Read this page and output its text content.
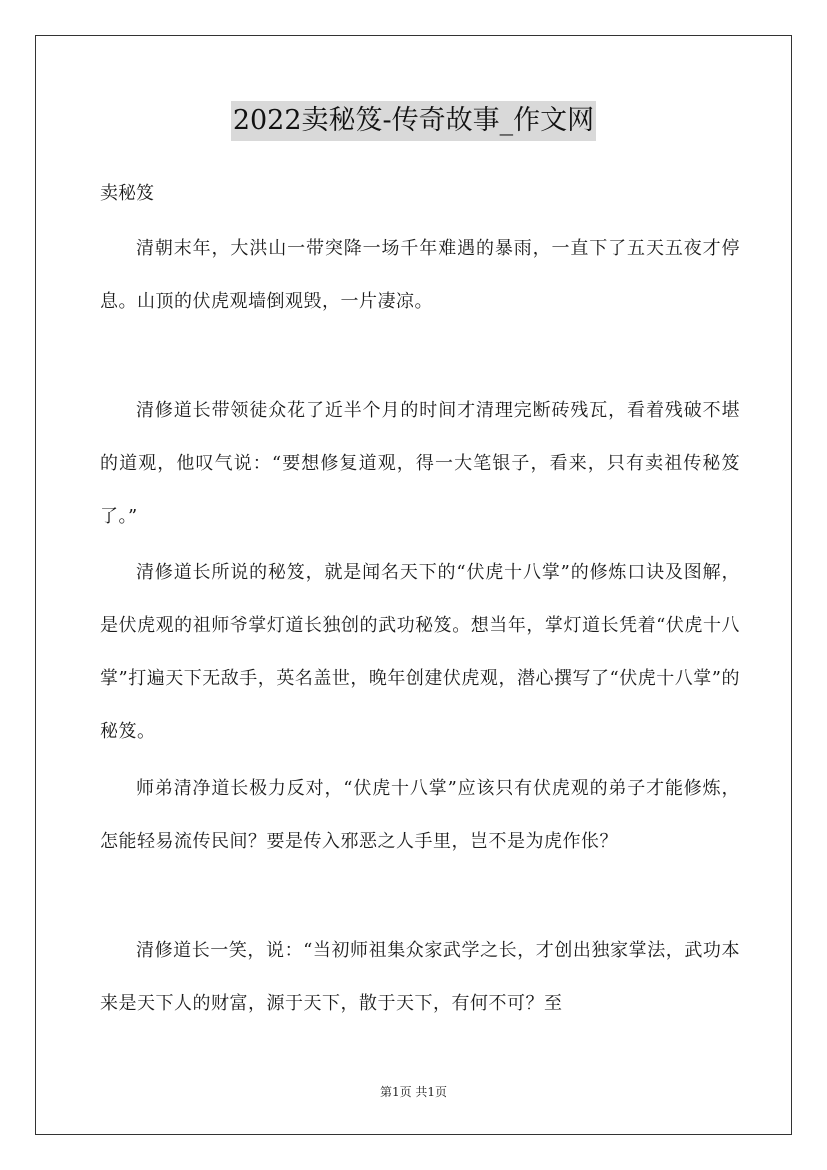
2022卖秘笈-传奇故事_作文网
卖秘笈

清朝末年，大洪山一带突降一场千年难遇的暴雨，一直下了五天五夜才停息。山顶的伏虎观墙倒观毁，一片凄凉。

清修道长带领徒众花了近半个月的时间才清理完断砖残瓦，看着残破不堪的道观，他叹气说：“要想修复道观，得一大笔银子，看来，只有卖祖传秘笈了。”

清修道长所说的秘笈，就是闻名天下的“伏虎十八掌”的修炼口诀及图解，是伏虎观的祖师爷掌灯道长独创的武功秘笈。想当年，掌灯道长凭着“伏虎十八掌”打遍天下无敌手，英名盖世，晚年创建伏虎观，潜心撰写了“伏虎十八掌”的秘笈。

师弟清净道长极力反对，“伏虎十八掌”应该只有伏虎观的弟子才能修炼，怎能轻易流传民间？要是传入邪恶之人手里，岂不是为虎作伥？

清修道长一笑，说：“当初师祖集众家武学之长，才创出独家掌法，武功本来是天下人的财富，源于天下，散于天下，有何不可？至

第1页 共1页
